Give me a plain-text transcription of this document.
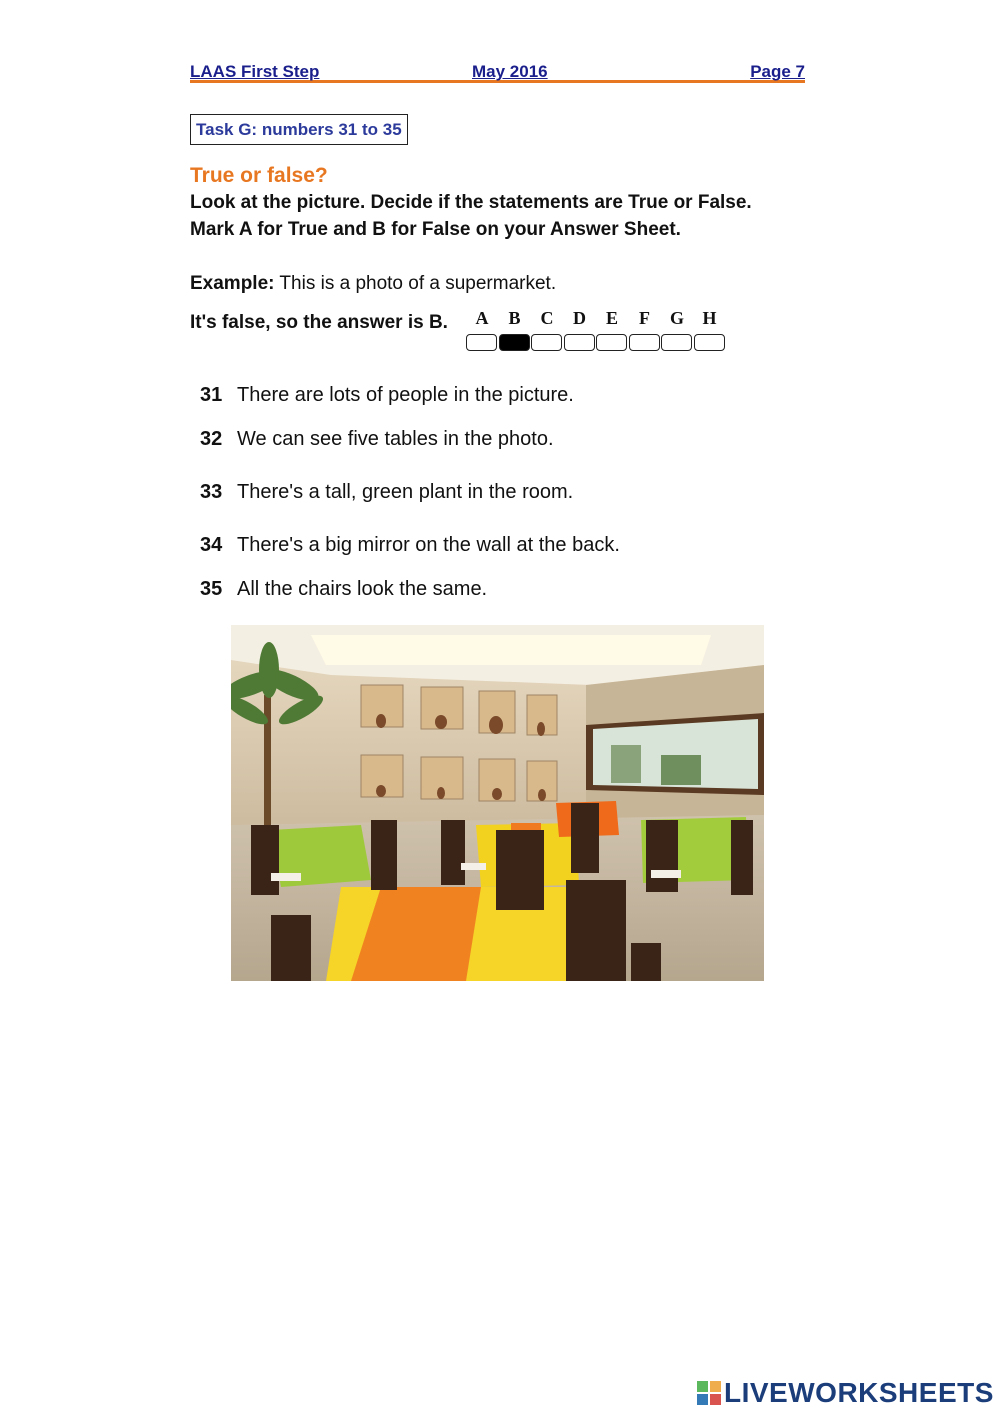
LAAS First Step	May 2016	Page 7
Task G: numbers 31 to 35
True or false?
Look at the picture. Decide if the statements are True or False.
Mark A for True and B for False on your Answer Sheet.
Example: This is a photo of a supermarket.
It's false, so the answer is B.	A	B	C	D	E	F	G	H
31 There are lots of people in the picture.
32 We can see five tables in the photo.
33 There's a tall, green plant in the room.
34 There's a big mirror on the wall at the back.
35 All the chairs look the same.
LIVEWORKSHEETS
